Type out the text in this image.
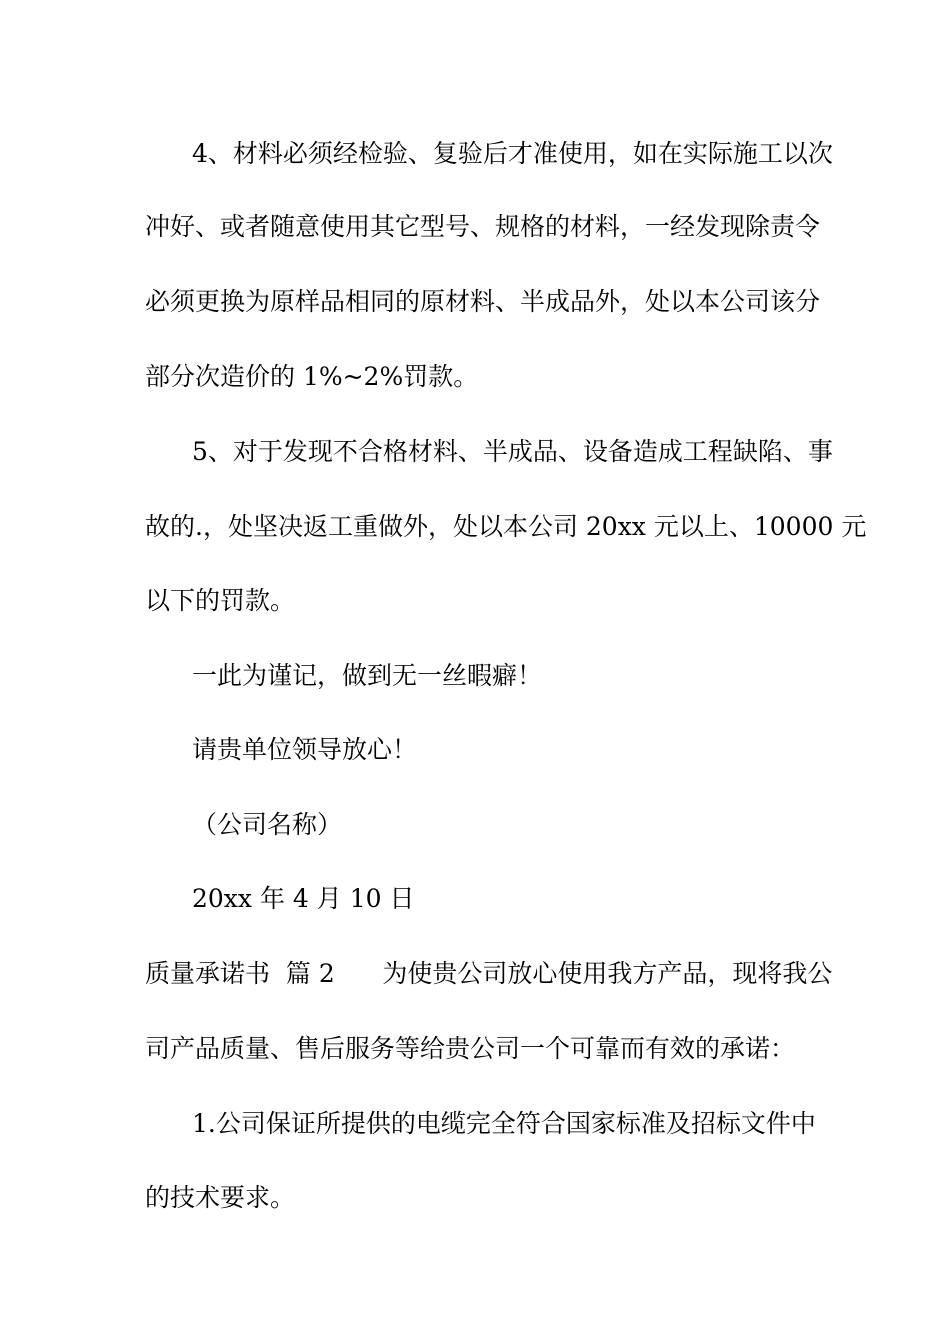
4、材料必须经检验、复验后才准使用，如在实际施工以次
冲好、或者随意使用其它型号、规格的材料，一经发现除责令
必须更换为原样品相同的原材料、半成品外，处以本公司该分
部分次造价的 1%~2%罚款。
5、对于发现不合格材料、半成品、设备造成工程缺陷、事
故的.，处坚决返工重做外，处以本公司 20xx 元以上、10000 元
以下的罚款。
一此为谨记，做到无一丝暇癖！
请贵单位领导放心！
（公司名称）
20xx 年 4 月 10 日
质量承诺书  篇 2      为使贵公司放心使用我方产品，现将我公
司产品质量、售后服务等给贵公司一个可靠而有效的承诺：
1.公司保证所提供的电缆完全符合国家标准及招标文件中
的技术要求。
